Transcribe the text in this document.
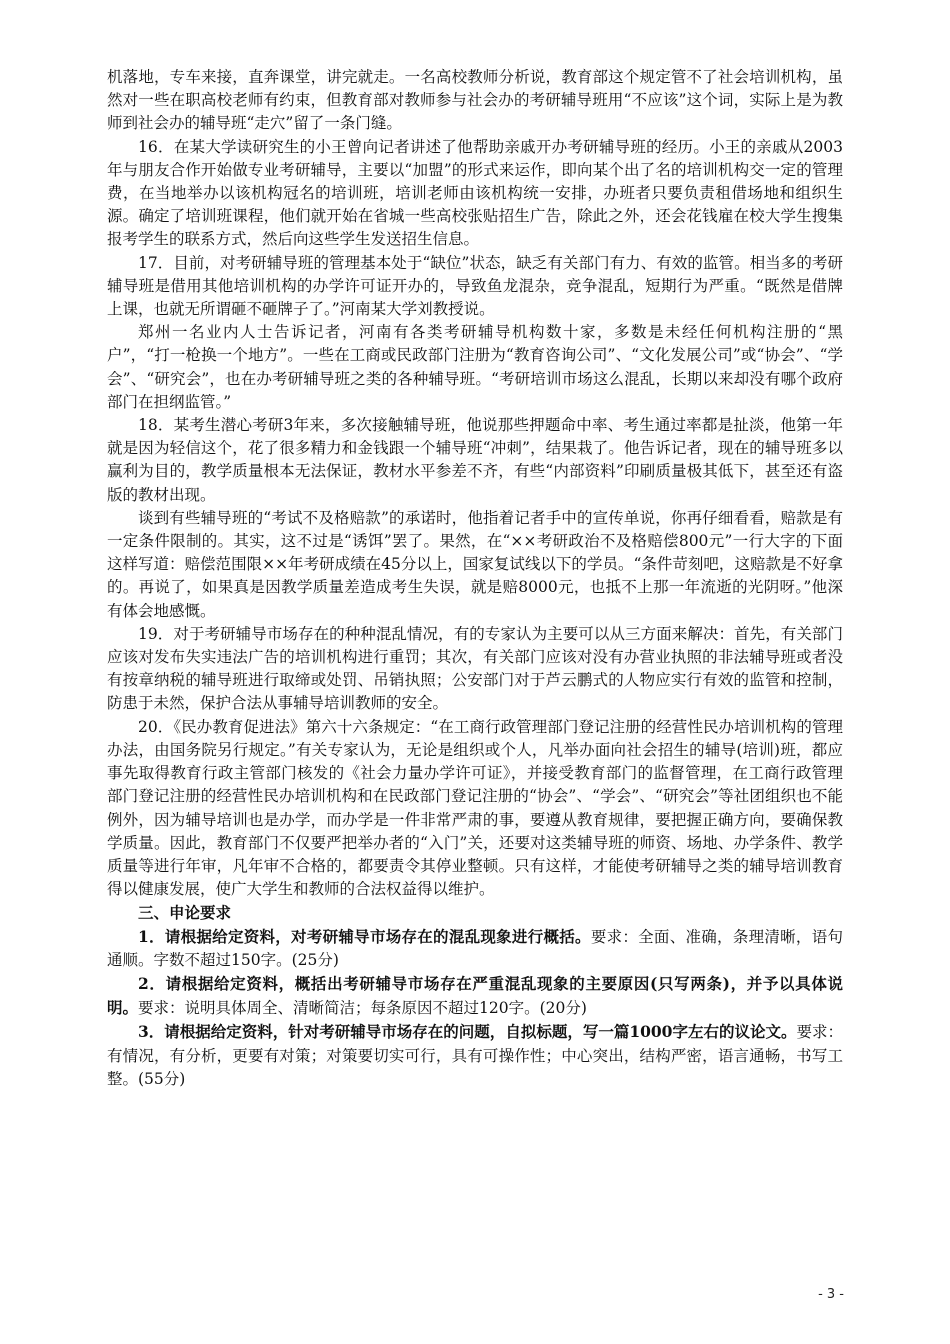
机落地，专车来接，直奔课堂，讲完就走。一名高校教师分析说，教育部这个规定管不了社会培训机构，虽然对一些在职高校老师有约束，但教育部对教师参与社会办的考研辅导班用“不应该”这个词，实际上是为教师到社会办的辅导班“走穴”留了一条门缝。

16．在某大学读研究生的小王曾向记者讲述了他帮助亲戚开办考研辅导班的经历。小王的亲戚从2003年与朋友合作开始做专业考研辅导，主要以“加盟”的形式来运作，即向某个出了名的培训机构交一定的管理费，在当地举办以该机构冠名的培训班，培训老师由该机构统一安排，办班者只要负责租借场地和组织生源。确定了培训班课程，他们就开始在省城一些高校张贴招生广告，除此之外，还会花钱雇在校大学生搜集报考学生的联系方式，然后向这些学生发送招生信息。

17．目前，对考研辅导班的管理基本处于“缺位”状态，缺乏有关部门有力、有效的监管。相当多的考研辅导班是借用其他培训机构的办学许可证开办的，导致鱼龙混杂，竞争混乱，短期行为严重。“既然是借牌上课，也就无所谓砸不砸牌子了。”河南某大学刘教授说。

郑州一名业内人士告诉记者，河南有各类考研辅导机构数十家，多数是未经任何机构注册的“黑户”，“打一枪换一个地方”。一些在工商或民政部门注册为“教育咨询公司”、“文化发展公司”或“协会”、“学会”、“研究会”，也在办考研辅导班之类的各种辅导班。“考研培训市场这么混乱，长期以来却没有哪个政府部门在担纲监管。”

18．某考生潜心考研3年来，多次接触辅导班，他说那些押题命中率、考生通过率都是扯淡，他第一年就是因为轻信这个，花了很多精力和金钱跟一个辅导班“冲刺”，结果栽了。他告诉记者，现在的辅导班多以赢利为目的，教学质量根本无法保证，教材水平参差不齐，有些“内部资料”印刷质量极其低下，甚至还有盗版的教材出现。

谈到有些辅导班的“考试不及格赔款”的承诺时，他指着记者手中的宣传单说，你再仔细看看，赔款是有一定条件限制的。其实，这不过是“诱饵”罢了。果然，在“××考研政治不及格赔偿800元”一行大字的下面这样写道：赔偿范围限××年考研成绩在45分以上，国家复试线以下的学员。“条件苛刻吧，这赔款是不好拿的。再说了，如果真是因教学质量差造成考生失误，就是赔8000元，也抵不上那一年流逝的光阴呀。”他深有体会地感慨。

19．对于考研辅导市场存在的种种混乱情况，有的专家认为主要可以从三方面来解决：首先，有关部门应该对发布失实违法广告的培训机构进行重罚；其次，有关部门应该对没有办营业执照的非法辅导班或者没有按章纳税的辅导班进行取缔或处罚、吊销执照；公安部门对于芦云鹏式的人物应实行有效的监管和控制，防患于未然，保护合法从事辅导培训教师的安全。

20．《民办教育促进法》第六十六条规定：“在工商行政管理部门登记注册的经营性民办培训机构的管理办法，由国务院另行规定。”有关专家认为，无论是组织或个人，凡举办面向社会招生的辅导(培训)班，都应事先取得教育行政主管部门核发的《社会力量办学许可证》，并接受教育部门的监督管理，在工商行政管理部门登记注册的经营性民办培训机构和在民政部门登记注册的“协会”、“学会”、“研究会”等社团组织也不能例外，因为辅导培训也是办学，而办学是一件非常严肃的事，要遵从教育规律，要把握正确方向，要确保教学质量。因此，教育部门不仅要严把举办者的“入门”关，还要对这类辅导班的师资、场地、办学条件、教学质量等进行年审，凡年审不合格的，都要责令其停业整顿。只有这样，才能使考研辅导之类的辅导培训教育得以健康发展，使广大学生和教师的合法权益得以维护。

三、申论要求

1．请根据给定资料，对考研辅导市场存在的混乱现象进行概括。要求：全面、准确，条理清晰，语句通顺。字数不超过150字。(25分)

2．请根据给定资料，概括出考研辅导市场存在严重混乱现象的主要原因(只写两条)，并予以具体说明。要求：说明具体周全、清晰简洁；每条原因不超过120字。(20分)

3．请根据给定资料，针对考研辅导市场存在的问题，自拟标题，写一篇1000字左右的议论文。要求：有情况，有分析，更要有对策；对策要切实可行，具有可操作性；中心突出，结构严密，语言通畅，书写工整。(55分)

- 3 -
